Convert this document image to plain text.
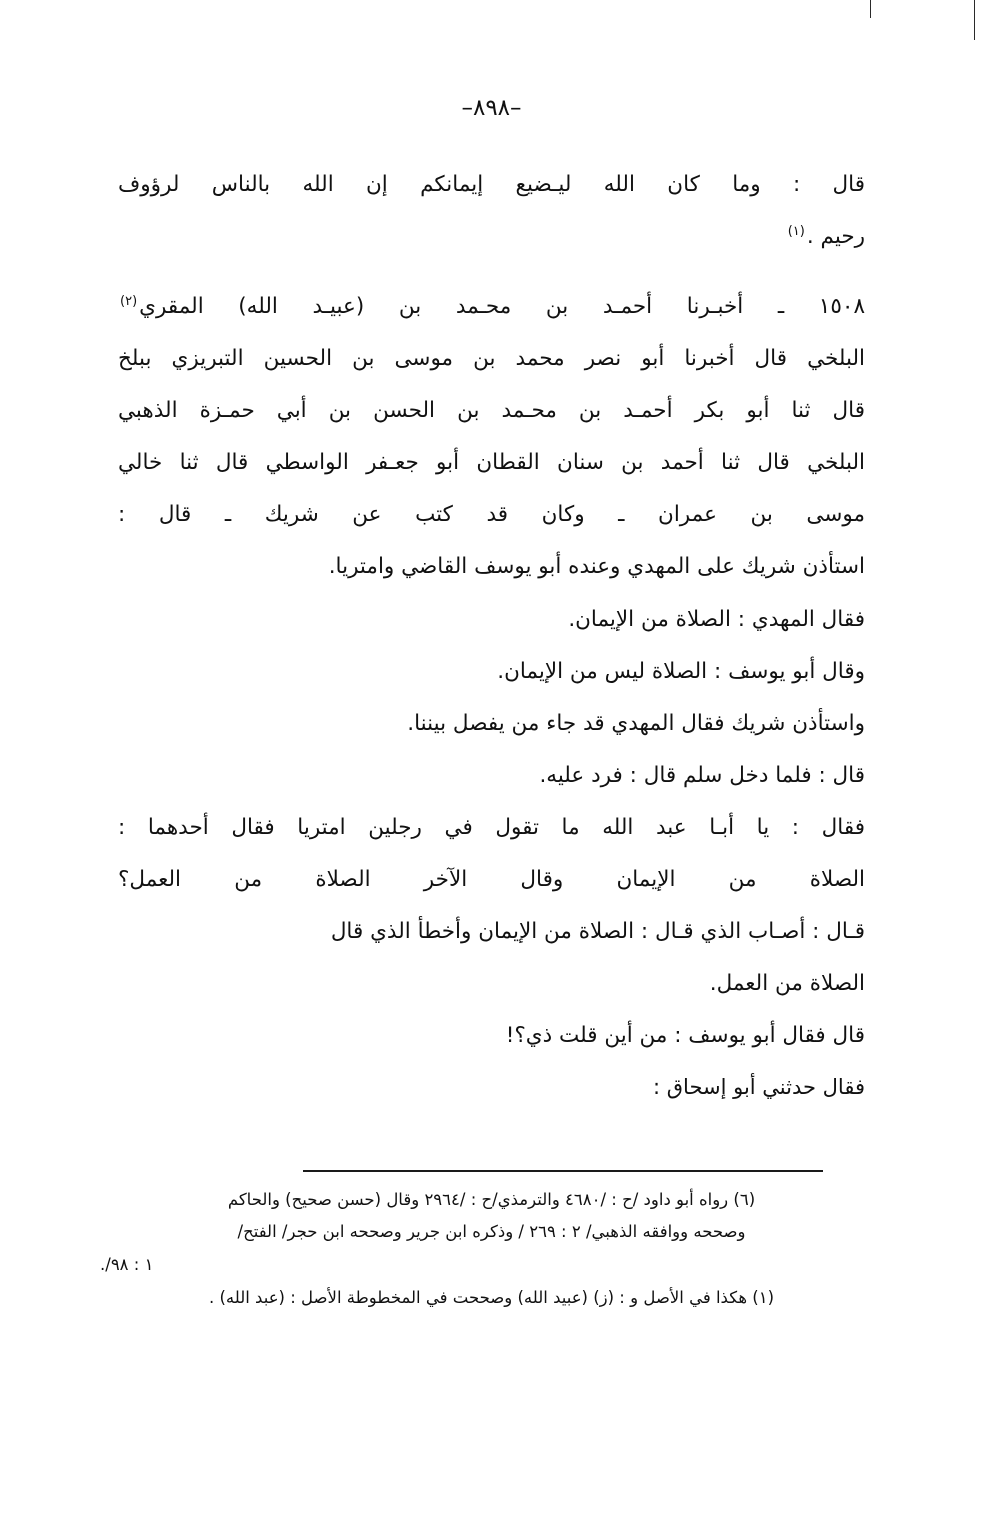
–٨٩٨–

قال : وما كان الله ليـضيع إيمانكم إن الله بالناس لرؤوف

رحيم .$^{(١)}$

١٥٠٨ ـ أخبـرنا أحمـد بن محـمد بن (عبيـد الله) المقري$^{(٢)}$

البلخي قال أخبرنا أبو نصر محمد بن موسى بن الحسين التبريزي ببلخ

قال ثنا أبو بكر أحمـد بن محـمد بن الحسن بن أبي حمـزة الذهبي

البلخي قال ثنا أحمد بن سنان القطان أبو جعـفر الواسطي قال ثنا خالي

موسى بن عمران ـ وكان قد كتب عن شريك ـ قال :

استأذن شريك على المهدي وعنده أبو يوسف القاضي وامتريا.

فقال المهدي : الصلاة من الإيمان.

وقال أبو يوسف : الصلاة ليس من الإيمان.

واستأذن شريك فقال المهدي قد جاء من يفصل بيننا.

قال : فلما دخل سلم قال : فرد عليه.

فقال : يا أبـا عبد الله ما تقول في رجلين امتريا فقال أحدهما :

الصلاة من الإيمان وقال الآخر الصلاة من العمل؟

قـال : أصـاب الذي قـال : الصلاة من الإيمان وأخطأ الذي قال

الصلاة من العمل.

قال فقال أبو يوسف : من أين قلت ذي؟!

فقال حدثني أبو إسحاق :

(٦) رواه أبو داود /ح : /٤٦٨٠ والترمذي/ح : /٢٩٦٤ وقال (حسن صحيح) والحاكم

وصححه ووافقه الذهبي/ ٢ : ٢٦٩ / وذكره ابن جرير وصححه ابن حجر/ الفتح/

١ : ٩٨/.

(١) هكذا في الأصل و : (ز) (عبيد الله) وصححت في المخطوطة الأصل : (عبد الله) .
